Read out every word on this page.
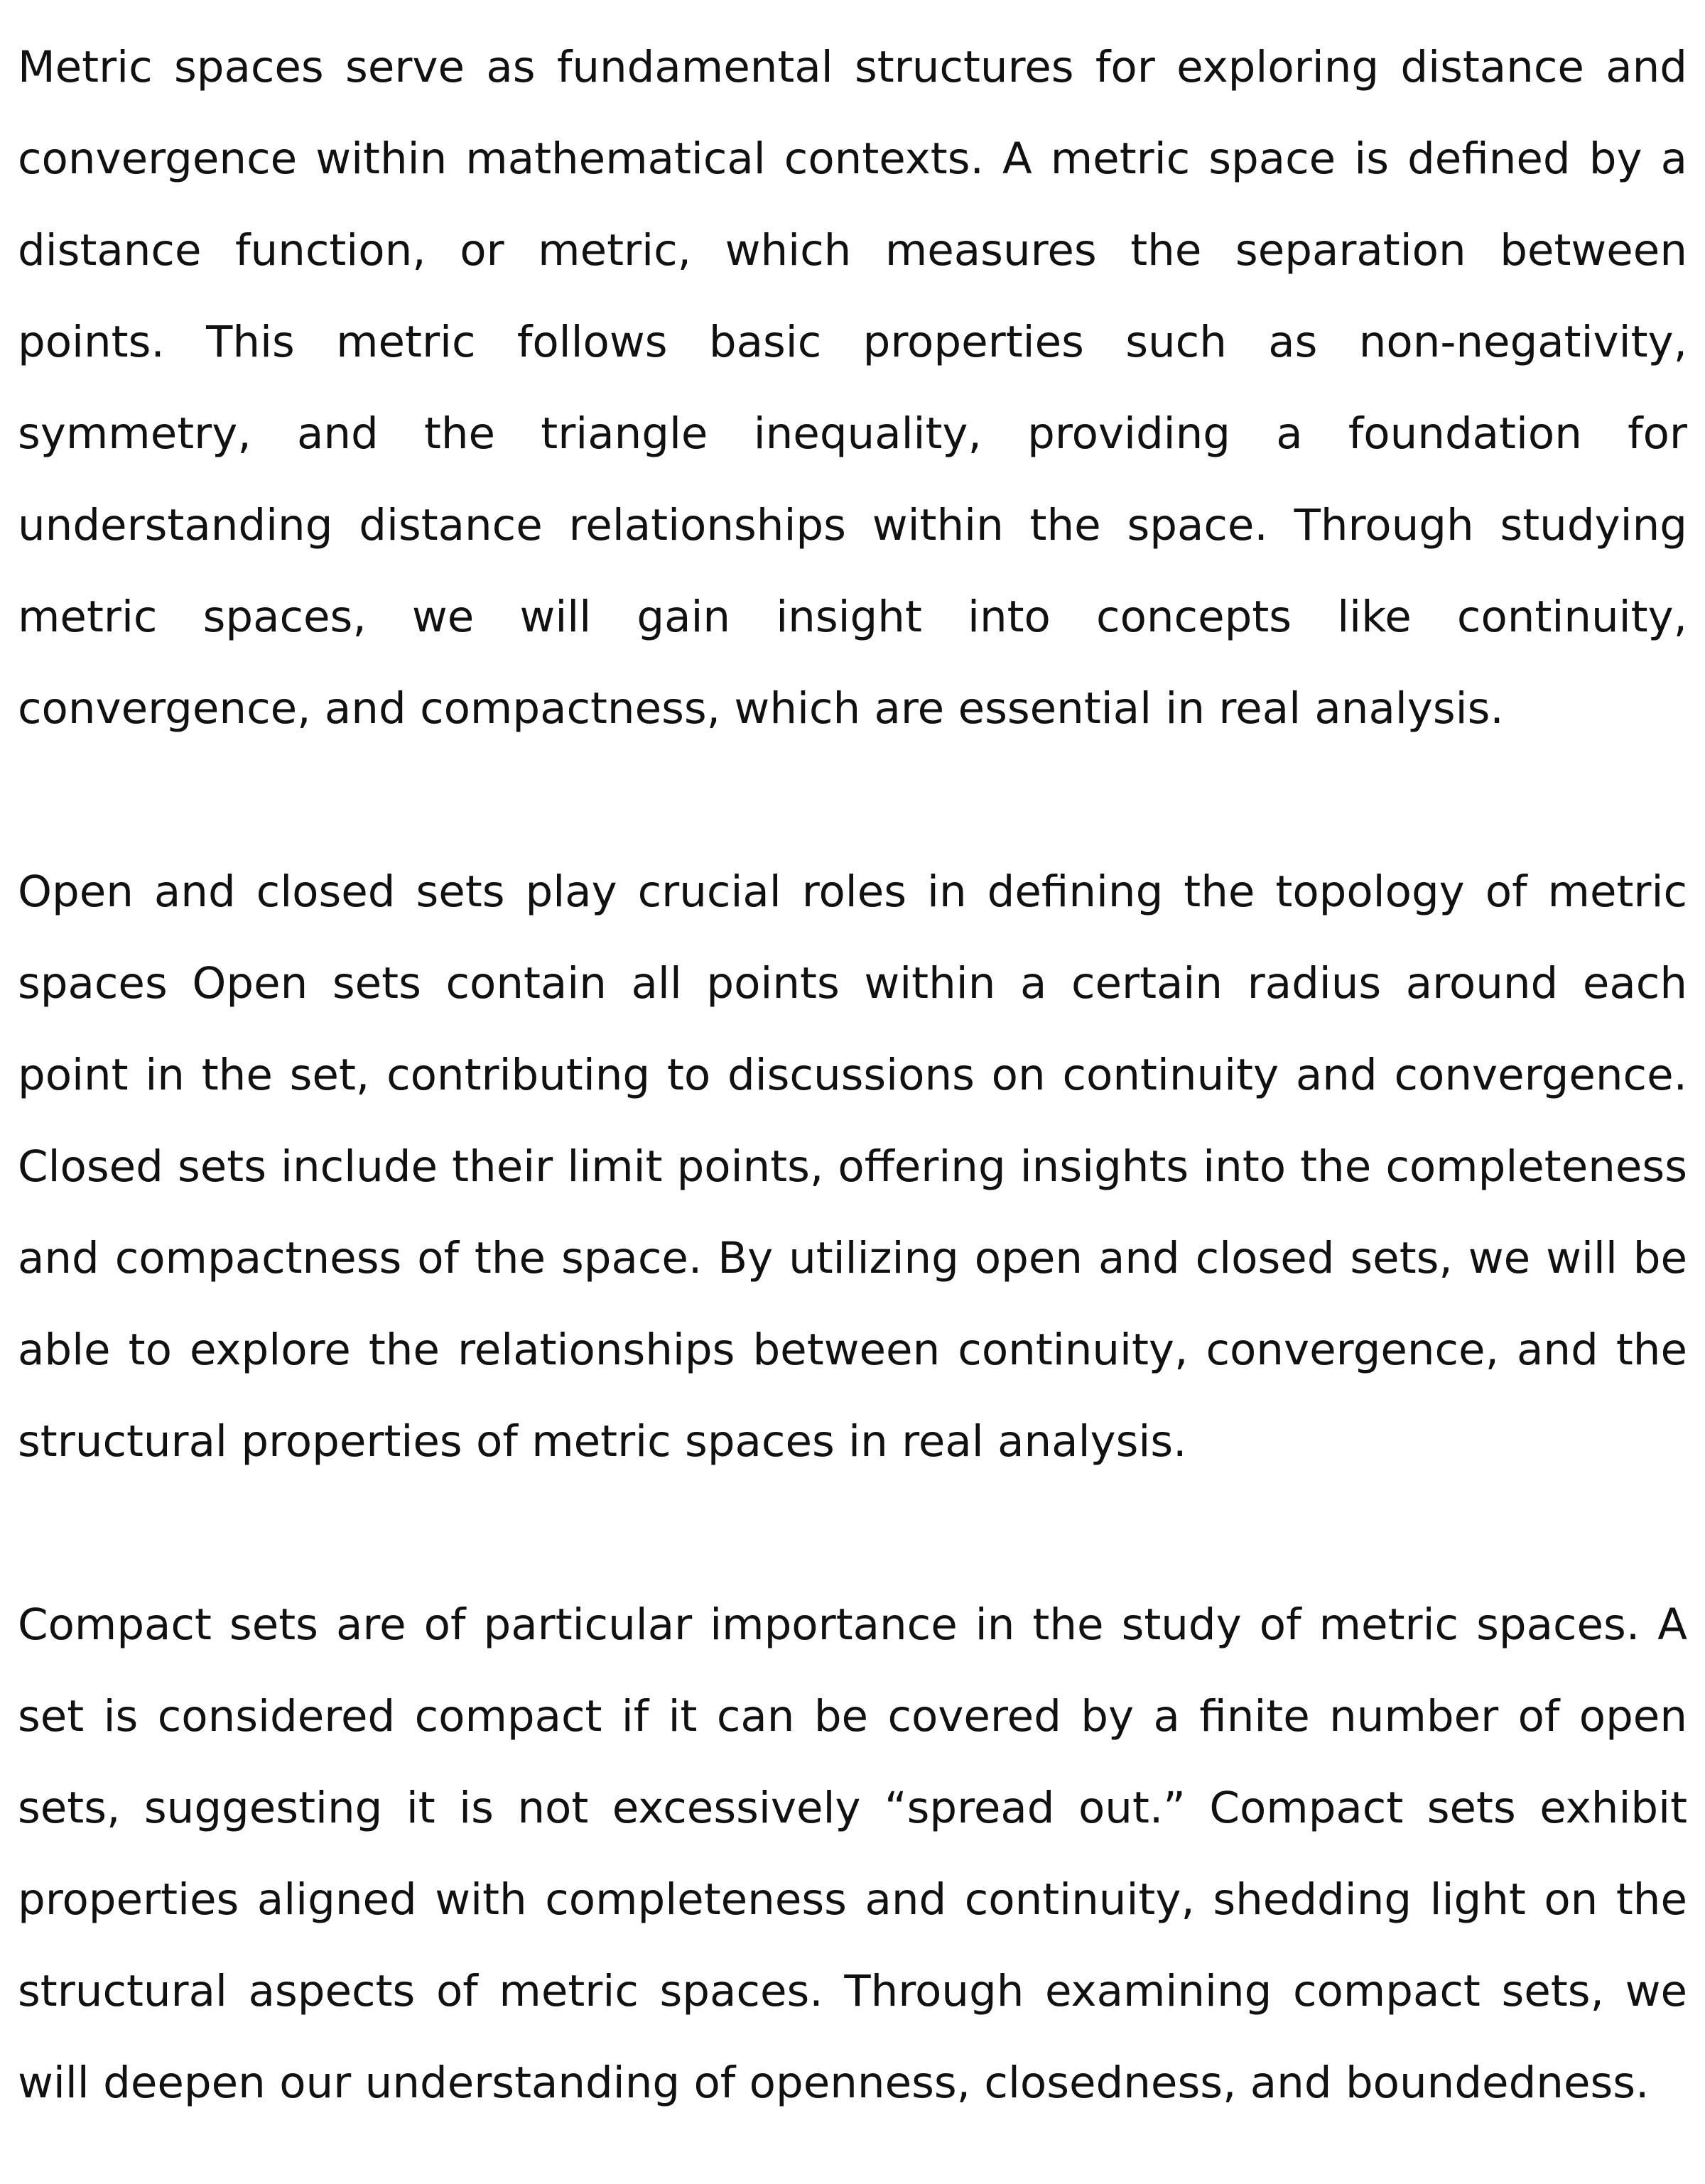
Metric spaces serve as fundamental structures for exploring distance and convergence within mathematical contexts. A metric space is defined by a distance function, or metric, which measures the separation between points. This metric follows basic properties such as non-negativity, symmetry, and the triangle inequality, providing a foundation for understanding distance relationships within the space. Through studying metric spaces, we will gain insight into concepts like continuity, convergence, and compactness, which are essential in real analysis.

Open and closed sets play crucial roles in defining the topology of metric spaces Open sets contain all points within a certain radius around each point in the set, contributing to discussions on continuity and convergence. Closed sets include their limit points, offering insights into the completeness and compactness of the space. By utilizing open and closed sets, we will be able to explore the relationships between continuity, convergence, and the structural properties of metric spaces in real analysis.

Compact sets are of particular importance in the study of metric spaces. A set is considered compact if it can be covered by a finite number of open sets, suggesting it is not excessively “spread out.” Compact sets exhibit properties aligned with completeness and continuity, shedding light on the structural aspects of metric spaces. Through examining compact sets, we will deepen our understanding of openness, closedness, and boundedness.
